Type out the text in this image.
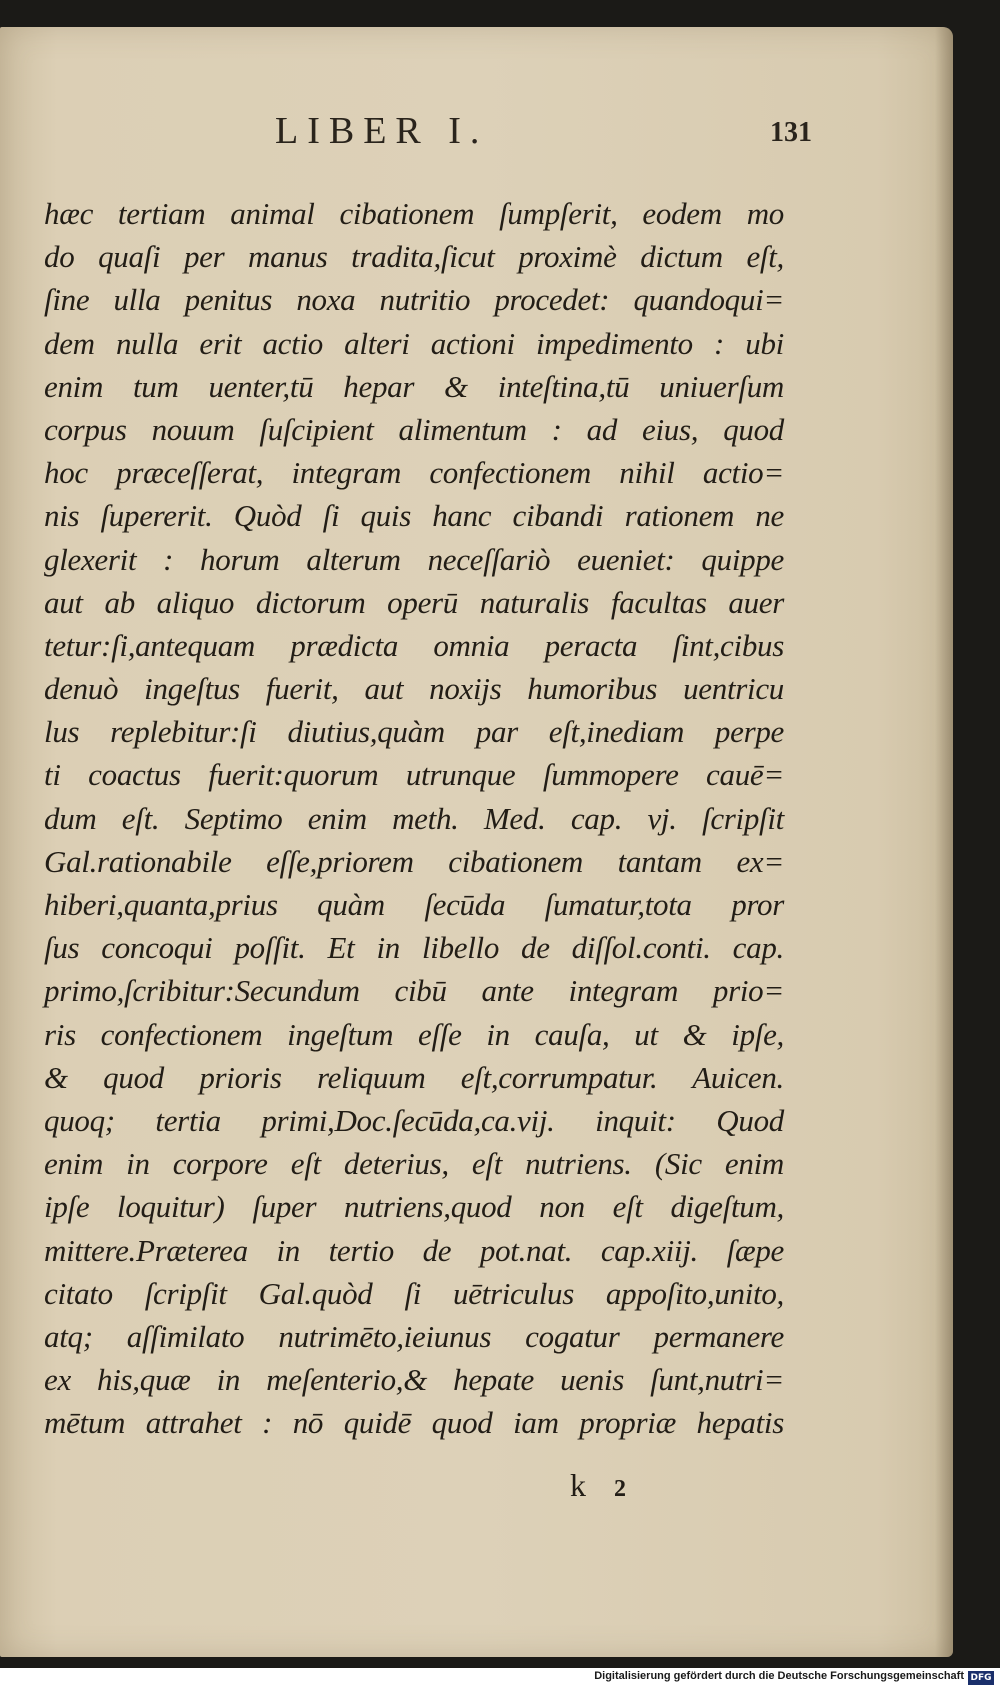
LIBER I.	131
hæc tertiam animal cibationem ſumpſerit, eodem mo
do quaſi per manus tradita,ſicut proximè dictum eſt,
ſine ulla penitus noxa nutritio procedet: quandoqui=
dem nulla erit actio alteri actioni impedimento : ubi
enim tum uenter,tū hepar & inteſtina,tū uniuerſum
corpus nouum ſuſcipient alimentum : ad eius, quod
hoc præceſſerat, integram confectionem nihil actio=
nis ſupererit. Quòd ſi quis hanc cibandi rationem ne
glexerit : horum alterum neceſſariò eueniet: quippe
aut ab aliquo dictorum operū naturalis facultas auer
tetur:ſi,antequam prædicta omnia peracta ſint,cibus
denuò ingeſtus fuerit, aut noxijs humoribus uentricu
lus replebitur:ſi diutius,quàm par eſt,inediam perpe
ti coactus fuerit:quorum utrunque ſummopere cauē=
dum eſt. Septimo enim meth. Med. cap. vj. ſcripſit
Gal.rationabile eſſe,priorem cibationem tantam ex=
hiberi,quanta,prius quàm ſecūda ſumatur,tota pror
ſus concoqui poſſit. Et in libello de diſſol.conti. cap.
primo,ſcribitur:Secundum cibū ante integram prio=
ris confectionem ingeſtum eſſe in cauſa, ut & ipſe,
& quod prioris reliquum eſt,corrumpatur. Auicen.
quoq; tertia primi,Doc.ſecūda,ca.vij. inquit: Quod
enim in corpore eſt deterius, eſt nutriens. (Sic enim
ipſe loquitur) ſuper nutriens,quod non eſt digeſtum,
mittere.Præterea in tertio de pot.nat. cap.xiij. ſæpe
citato ſcripſit Gal.quòd ſi uētriculus appoſito,unito,
atq; aſſimilato nutrimēto,ieiunus cogatur permanere
ex his,quæ in meſenterio,& hepate uenis ſunt,nutri=
mētum attrahet : nō quidē quod iam propriæ hepatis
k 2
Digitalisierung gefördert durch die Deutsche Forschungsgemeinschaft DFG
